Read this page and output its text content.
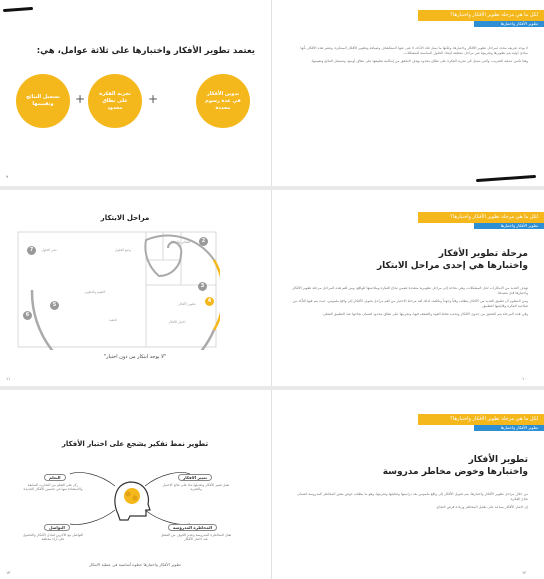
لكل ما هي مرحلة تطوير الأفكار واختبارها؟
تطوير الأفكار واختبارها
يعتمد تطوير الأفكار واختبارها على ثلاثة عوامل، هي:
تدوين الأفكار في عدة رسوم محددة
+
تجربة الفكرة على نطاق محدود
+
تسجيل النتائج وتقييمها

لا يوجد تعريف محدد لمراحل تطوير الأفكار واختبارها، ولكنها ما تمثل تلك الأداة، لا غنى عنها لاستكشاف وصياغة وتطوير الأفكار المبتكرة، وتعتبر هذه الأفكار بأنها مبادئ أولية يتم تطويرها وتجريبها عبر مراحل مختلفة لإيجاد الحلول المناسبة للمشكلات.

وهنا تكمن عملية التجريب، والتي تتمثل في تجربة الفكرة على نطاق محدود بهدف التحقق من إمكانية تطبيقها على نطاق أوسع، وتسجيل النتائج وتقييمها.

٩
لكل ما هي مرحلة تطوير الأفكار واختبارها؟
تطوير الأفكار واختبارها
مراحل الابتكار
7
2
3
4
5
6
وضع الحلول
التفكير والتحليل
تطوير الأفكار
اختبار الأفكار
التنفيذ
التقييم والتطوير
نشر الحلول
"لا يوجد ابتكار من دون اختبار"
مرحلة تطوير الأفكار
واختبارها هي إحدى مراحل الابتكار

تهدف العديد من الابتكارات لحل المشكلات، وهي بحاجة إلى مراحل تطويرية متعددة تضمن نجاح الفكرة وملاءمتها للواقع، ومن أهم هذه المراحل مرحلة تطوير الأفكار واختبارها قبل تنفيذها.

ومن المعلوم أن تطبيق العديد من الأفكار يتطلب وقتاً وجهداً وتكلفة، لذلك تُعد مرحلة الاختبار من أهم مراحل تحويل الأفكار إلى واقع ملموس، حيث يتم فيها التأكد من صلاحية الفكرة وقابليتها للتطبيق.

وفي هذه المرحلة يتم التحقق من جدوى الأفكار وتحديد نقاط القوة والضعف فيها، وتجربتها على نطاق محدود لضمان نجاحها عند التطبيق الفعلي.

١١	١٠
لكل ما هي مرحلة تطوير الأفكار واختبارها؟
تطوير الأفكار واختبارها
تطوير نمط تفكير يشجع على اختبار الأفكار
التعلم
ركز على التعلم من التجارب السابقة والاستفادة منها في تحسين الأفكار الجديدة
تغيير الافكار
تقبل تغيير الأفكار وتعديلها بناء على نتائج الاختبار والتجربة
التواصل
التواصل مع الآخرين لتبادل الأفكار والحصول على آراء مختلفة
المخاطرة المدروسة
تقبل المخاطرة المدروسة وعدم الخوف من الفشل عند اختبار الأفكار
تطوير الأفكار واختبارها خطوة أساسية في عملية الابتكار
تطوير الأفكار
واختبارها وخوض مخاطر مدروسة

من خلال مراحل تطوير الأفكار واختبارها، يتم تحويل الأفكار إلى واقع ملموس بعد دراستها وتحليلها وتجربتها، وهو ما يتطلب خوض بعض المخاطر المدروسة لضمان نجاح الفكرة.

إن اختبار الأفكار يساعد على تقليل المخاطر وزيادة فرص النجاح.

١٣	١٢
